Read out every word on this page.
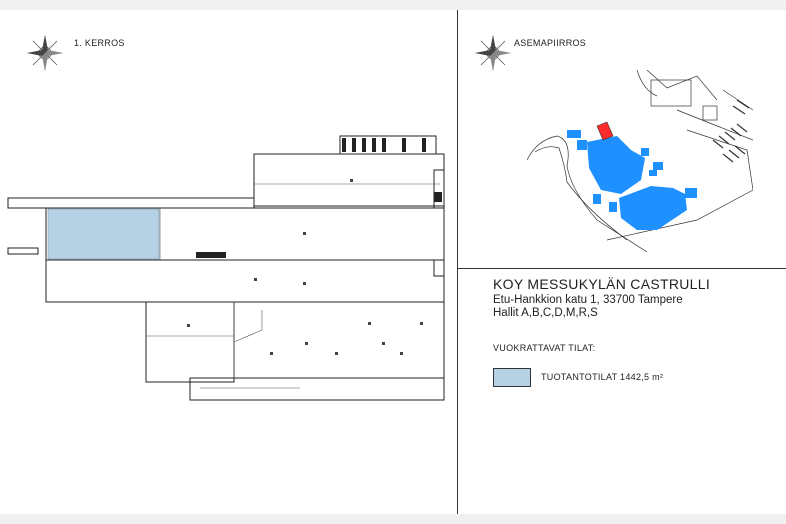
1. KERROS	ASEMAPIIRROS
KOY MESSUKYLÄN CASTRULLI
Etu-Hankkion katu 1, 33700 Tampere
Hallit A,B,C,D,M,R,S
VUOKRATTAVAT TILAT:
TUOTANTOTILAT 1442,5 m²
